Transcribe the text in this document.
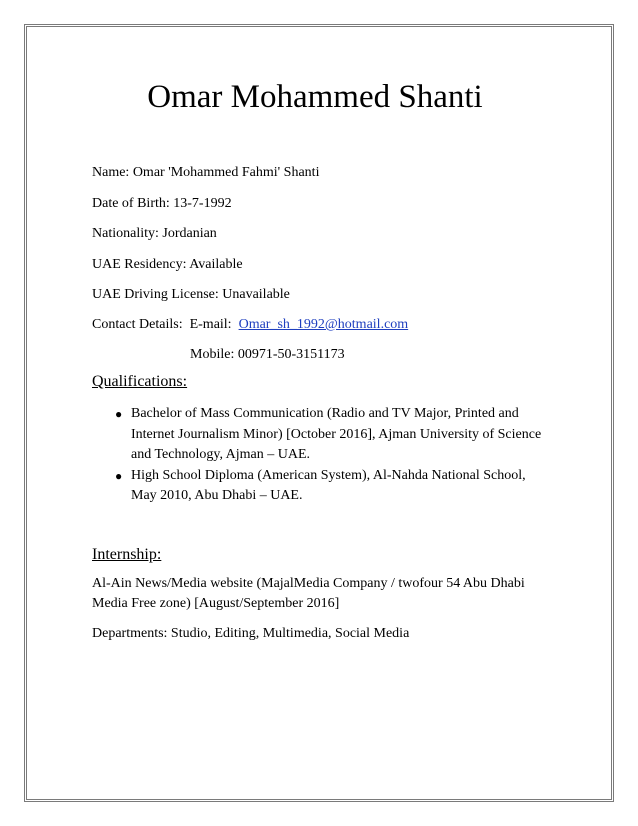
Omar Mohammed Shanti
Name: Omar 'Mohammed Fahmi' Shanti
Date of Birth: 13-7-1992
Nationality: Jordanian
UAE Residency: Available
UAE Driving License: Unavailable
Contact Details:  E-mail:  Omar_sh_1992@hotmail.com
Mobile: 00971-50-3151173
Qualifications:
● Bachelor of Mass Communication (Radio and TV Major, Printed and Internet Journalism Minor) [October 2016], Ajman University of Science and Technology, Ajman – UAE.
● High School Diploma (American System), Al-Nahda National School, May 2010, Abu Dhabi – UAE.
Internship:
Al-Ain News/Media website (MajalMedia Company / twofour 54 Abu Dhabi Media Free zone) [August/September 2016]
Departments: Studio, Editing, Multimedia, Social Media
